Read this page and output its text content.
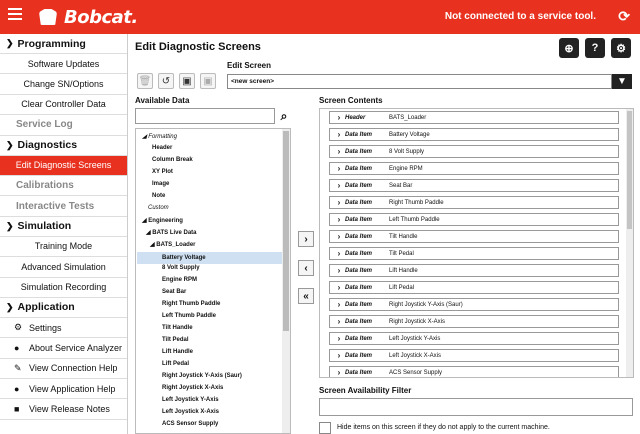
Bobcat.	Not connected to a service tool. ⟳
❯ Programming
Software Updates
Change SN/Options
Clear Controller Data
Service Log
❯ Diagnostics
Edit Diagnostic Screens
Calibrations
Interactive Tests
❯ Simulation
Training Mode
Advanced Simulation
Simulation Recording
❯ Application
⚙ Settings
●	About Service Analyzer
✎ View Connection Help
●	View Application Help
■	View Release Notes
Edit Diagnostic Screens	⊕	?	⚙
🗑	↺	▣	▣
Edit Screen
<new screen>	▼
Available Data
⌕
◢ Formatting
Header
Column Break
XY Plot
Image
Note
Custom
◢ Engineering
◢ BATS Live Data
◢ BATS_Loader
Battery Voltage
8 Volt Supply
Engine RPM
Seat Bar
Right Thumb Paddle
Left Thumb Paddle
Tilt Handle
Tilt Pedal
Lift Handle
Lift Pedal
Right Joystick Y-Axis (Saur)
Right Joystick X-Axis
Left Joystick Y-Axis
Left Joystick X-Axis
ACS Sensor Supply
›
‹
«
Screen Contents
› Header	BATS_Loader
› Data Item	Battery Voltage
› Data Item	8 Volt Supply
› Data Item	Engine RPM
› Data Item	Seat Bar
› Data Item	Right Thumb Paddle
› Data Item	Left Thumb Paddle
› Data Item	Tilt Handle
› Data Item	Tilt Pedal
› Data Item	Lift Handle
› Data Item	Lift Pedal
› Data Item	Right Joystick Y-Axis (Saur)
› Data Item	Right Joystick X-Axis
› Data Item	Left Joystick Y-Axis
› Data Item	Left Joystick X-Axis
› Data Item	ACS Sensor Supply
Screen Availability Filter
Hide items on this screen if they do not apply to the current machine.
